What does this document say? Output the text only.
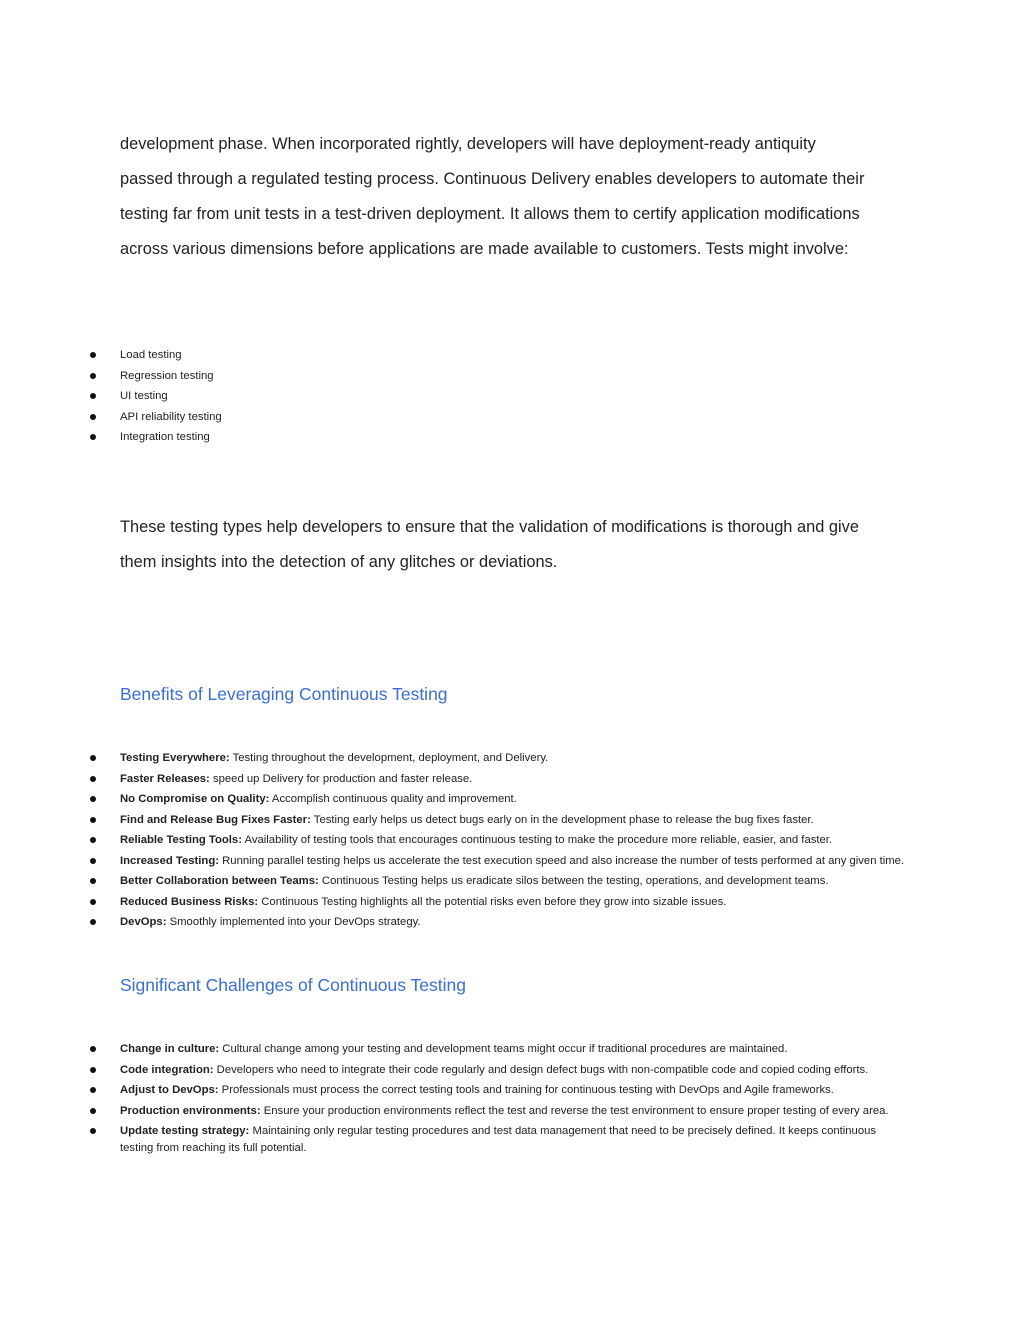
development phase. When incorporated rightly, developers will have deployment-ready antiquity
passed through a regulated testing process. Continuous Delivery enables developers to automate their
testing far from unit tests in a test-driven deployment. It allows them to certify application modifications
across various dimensions before applications are made available to customers. Tests might involve:

Load testing
Regression testing
UI testing
API reliability testing
Integration testing

These testing types help developers to ensure that the validation of modifications is thorough and give
them insights into the detection of any glitches or deviations.

Benefits of Leveraging Continuous Testing
Testing Everywhere: Testing throughout the development, deployment, and Delivery.
Faster Releases: speed up Delivery for production and faster release.
No Compromise on Quality: Accomplish continuous quality and improvement.
Find and Release Bug Fixes Faster: Testing early helps us detect bugs early on in the development phase to release the bug fixes faster.
Reliable Testing Tools: Availability of testing tools that encourages continuous testing to make the procedure more reliable, easier, and faster.
Increased Testing: Running parallel testing helps us accelerate the test execution speed and also increase the number of tests performed at any given time.
Better Collaboration between Teams: Continuous Testing helps us eradicate silos between the testing, operations, and development teams.
Reduced Business Risks: Continuous Testing highlights all the potential risks even before they grow into sizable issues.
DevOps: Smoothly implemented into your DevOps strategy.
Significant Challenges of Continuous Testing
Change in culture: Cultural change among your testing and development teams might occur if traditional procedures are maintained.
Code integration: Developers who need to integrate their code regularly and design defect bugs with non-compatible code and copied coding efforts.
Adjust to DevOps: Professionals must process the correct testing tools and training for continuous testing with DevOps and Agile frameworks.
Production environments: Ensure your production environments reflect the test and reverse the test environment to ensure proper testing of every area.
Update testing strategy: Maintaining only regular testing procedures and test data management that need to be precisely defined. It keeps continuous testing from reaching its full potential.
